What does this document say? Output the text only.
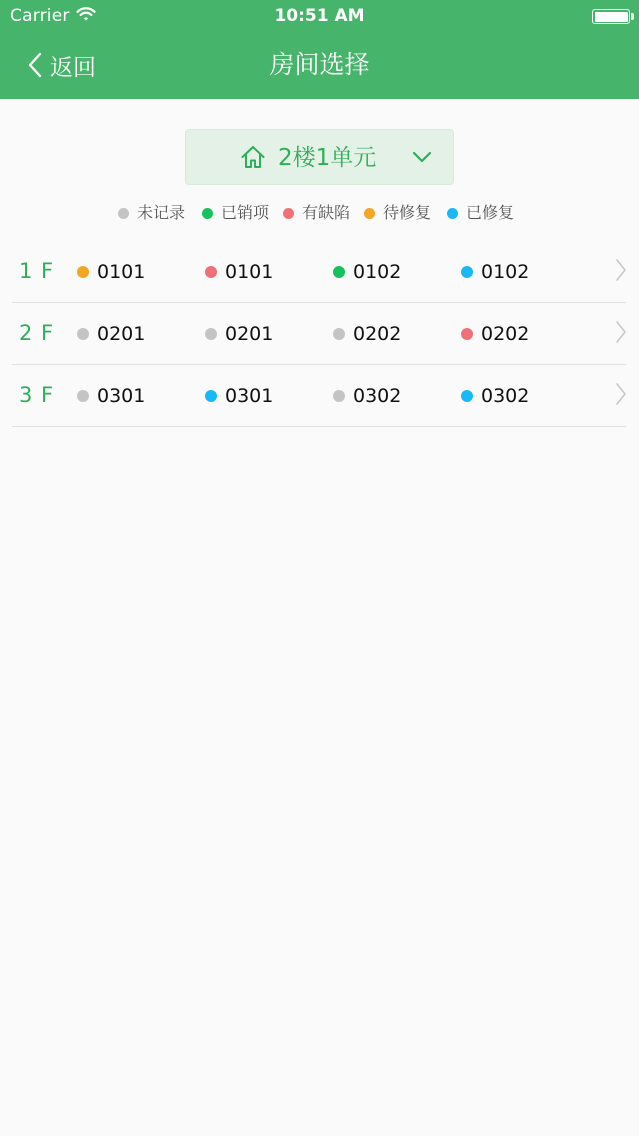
Carrier	10:51 AM
返回	房间选择
2楼1单元
未记录 已销项 有缺陷 待修复 已修复
1 F 0101	0101	0102	0102
2 F 0201	0201	0202	0202
3 F 0301	0301	0302	0302
